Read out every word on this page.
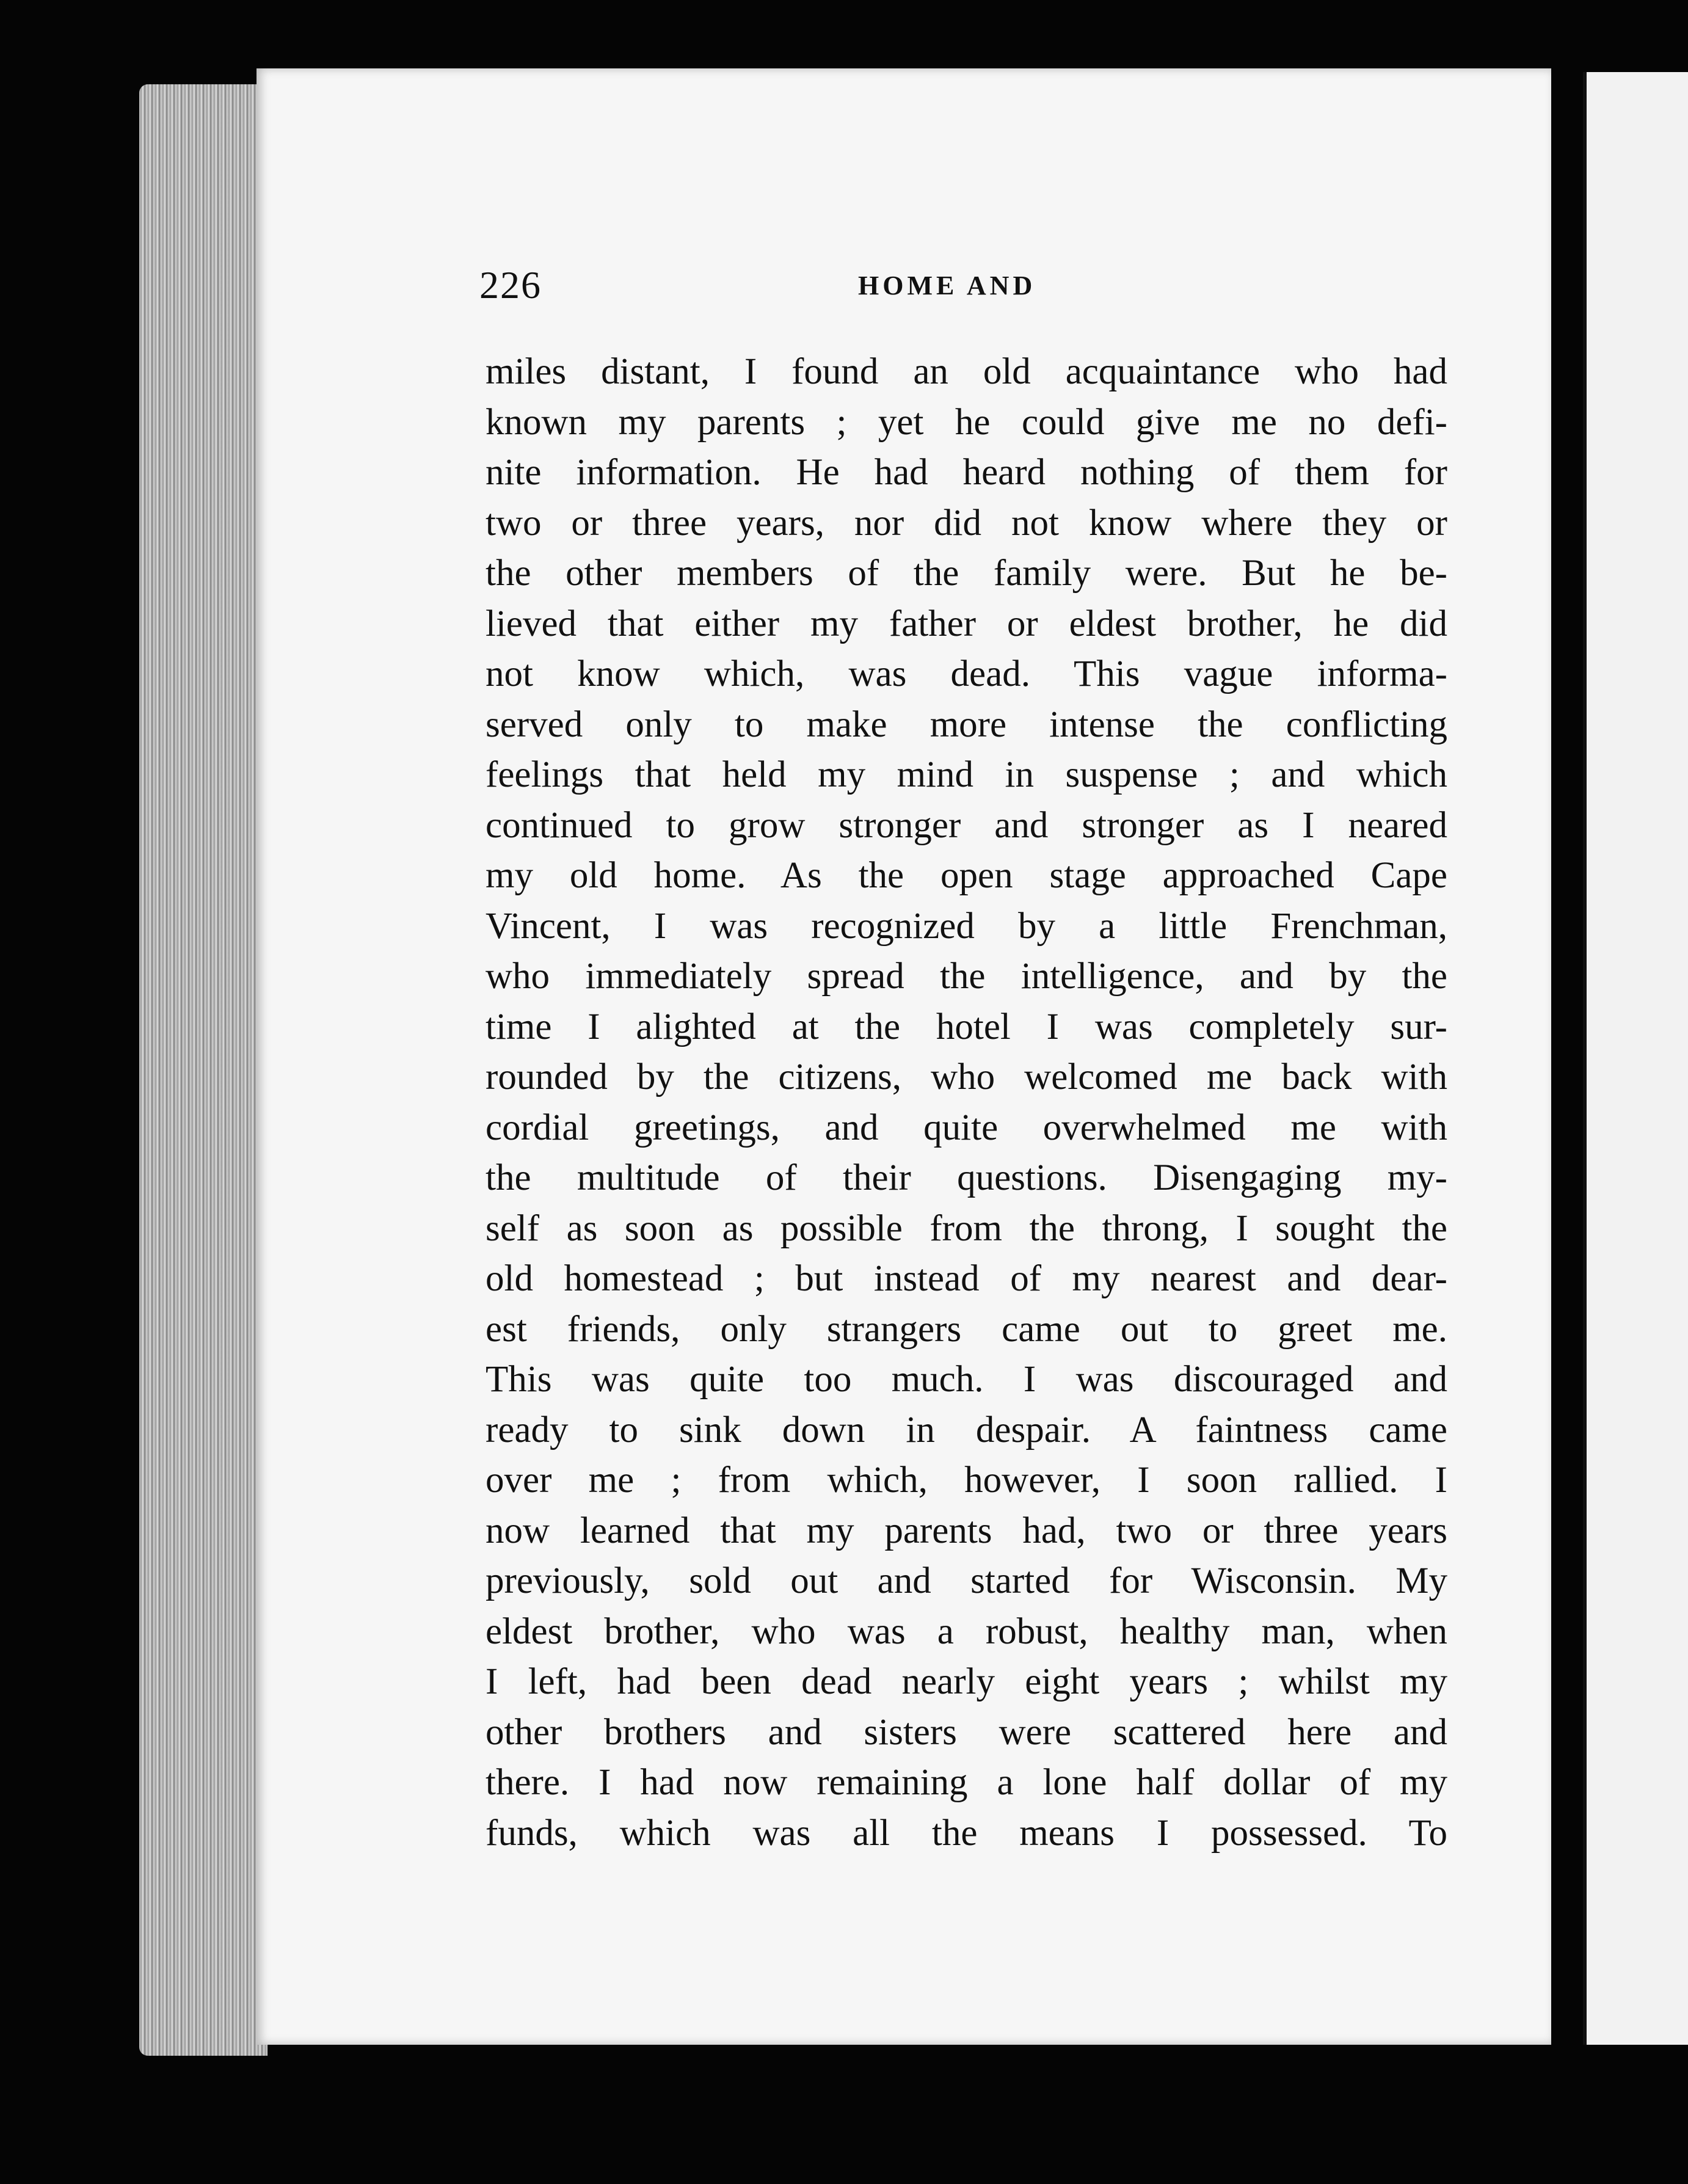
226	HOME AND
miles distant, I found an old acquaintance who had
known my parents ; yet he could give me no defi-
nite information. He had heard nothing of them for
two or three years, nor did not know where they or
the other members of the family were. But he be-
lieved that either my father or eldest brother, he did
not know which, was dead. This vague informa-
served only to make more intense the conflicting
feelings that held my mind in suspense ; and which
continued to grow stronger and stronger as I neared
my old home. As the open stage approached Cape
Vincent, I was recognized by a little Frenchman,
who immediately spread the intelligence, and by the
time I alighted at the hotel I was completely sur-
rounded by the citizens, who welcomed me back with
cordial greetings, and quite overwhelmed me with
the multitude of their questions. Disengaging my-
self as soon as possible from the throng, I sought the
old homestead ; but instead of my nearest and dear-
est friends, only strangers came out to greet me.
This was quite too much. I was discouraged and
ready to sink down in despair. A faintness came
over me ; from which, however, I soon rallied. I
now learned that my parents had, two or three years
previously, sold out and started for Wisconsin. My
eldest brother, who was a robust, healthy man, when
I left, had been dead nearly eight years ; whilst my
other brothers and sisters were scattered here and
there. I had now remaining a lone half dollar of my
funds, which was all the means I possessed. To
